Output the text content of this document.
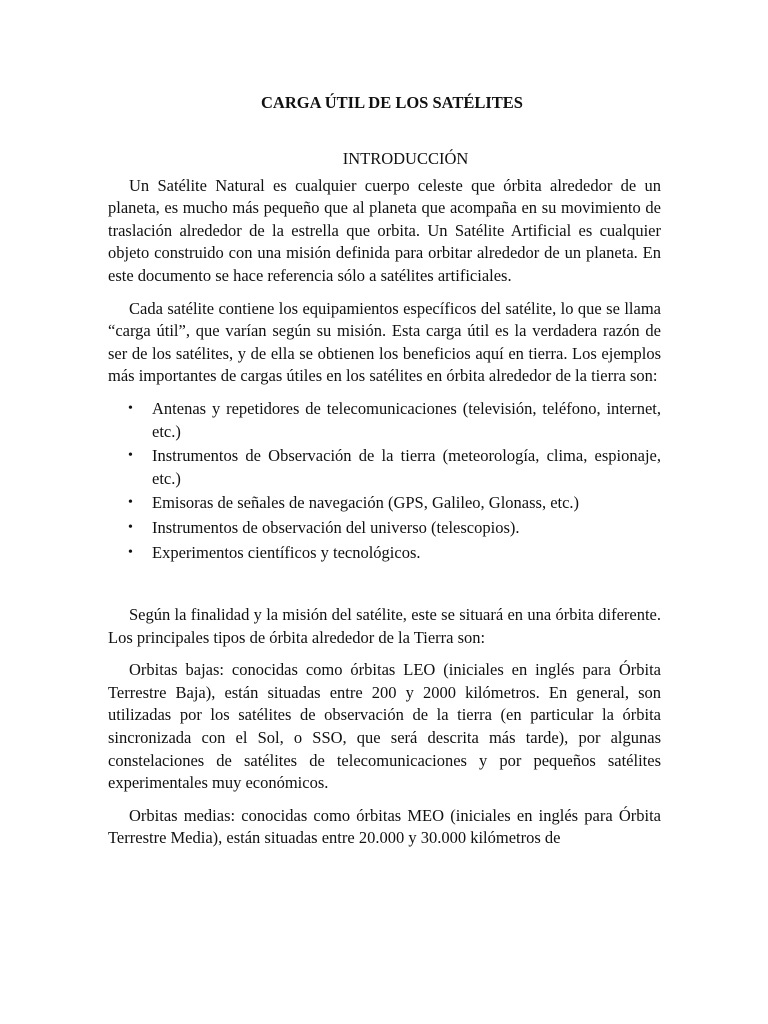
CARGA ÚTIL DE LOS SATÉLITES
INTRODUCCIÓN

Un Satélite Natural es cualquier cuerpo celeste que órbita alrededor de un planeta, es mucho más pequeño que al planeta que acompaña en su movimiento de traslación alrededor de la estrella que orbita. Un Satélite Artificial es cualquier objeto construido con una misión definida para orbitar alrededor de un planeta. En este documento se hace referencia sólo a satélites artificiales.

Cada satélite contiene los equipamientos específicos del satélite, lo que se llama “carga útil”, que varían según su misión. Esta carga útil es la verdadera razón de ser de los satélites, y de ella se obtienen los beneficios aquí en tierra. Los ejemplos más importantes de cargas útiles en los satélites en órbita alrededor de la tierra son:

• Antenas y repetidores de telecomunicaciones (televisión, teléfono, internet, etc.)
• Instrumentos de Observación de la tierra (meteorología, clima, espionaje, etc.)
• Emisoras de señales de navegación (GPS, Galileo, Glonass, etc.)
• Instrumentos de observación del universo (telescopios).
• Experimentos científicos y tecnológicos.

Según la finalidad y la misión del satélite, este se situará en una órbita diferente. Los principales tipos de órbita alrededor de la Tierra son:

Orbitas bajas: conocidas como órbitas LEO (iniciales en inglés para Órbita Terrestre Baja), están situadas entre 200 y 2000 kilómetros. En general, son utilizadas por los satélites de observación de la tierra (en particular la órbita sincronizada con el Sol, o SSO, que será descrita más tarde), por algunas constelaciones de satélites de telecomunicaciones y por pequeños satélites experimentales muy económicos.

Orbitas medias: conocidas como órbitas MEO (iniciales en inglés para Órbita Terrestre Media), están situadas entre 20.000 y 30.000 kilómetros de
